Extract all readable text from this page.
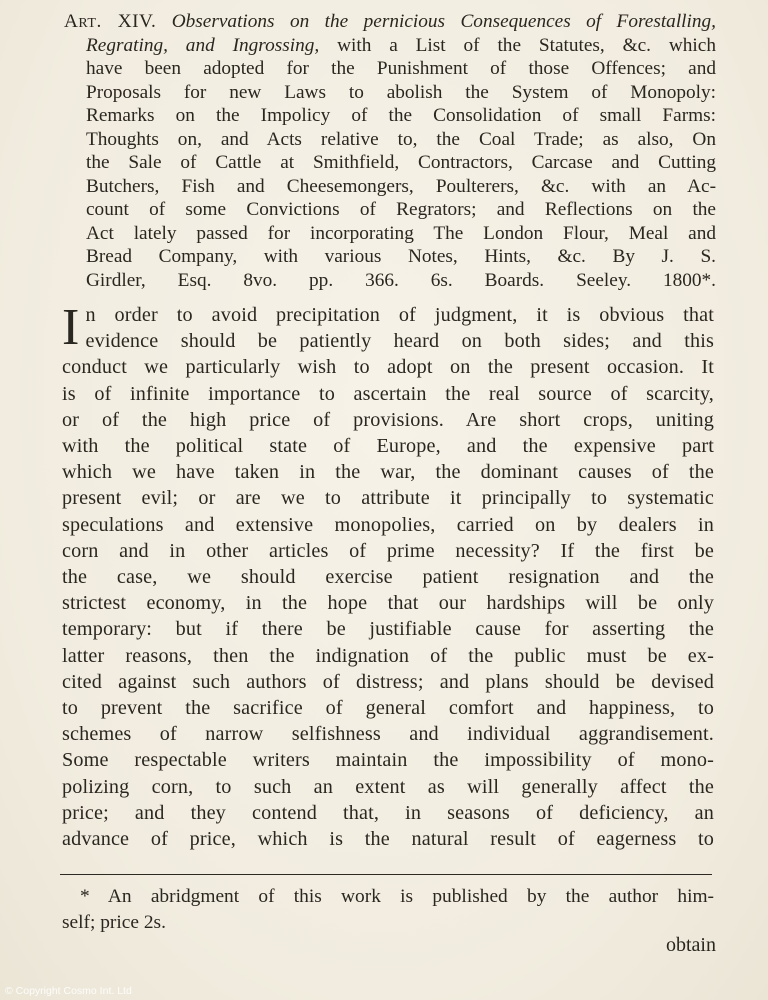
Art. XIV. Observations on the pernicious Consequences of Forestalling,
Regrating, and Ingrossing, with a List of the Statutes, &c. which
have been adopted for the Punishment of those Offences; and
Proposals for new Laws to abolish the System of Monopoly:
Remarks on the Impolicy of the Consolidation of small Farms:
Thoughts on, and Acts relative to, the Coal Trade; as also, On
the Sale of Cattle at Smithfield, Contractors, Carcase and Cutting
Butchers, Fish and Cheesemongers, Poulterers, &c. with an Ac-
count of some Convictions of Regrators; and Reflections on the
Act lately passed for incorporating The London Flour, Meal and
Bread Company, with various Notes, Hints, &c. By J. S.
Girdler, Esq. 8vo. pp. 366. 6s. Boards. Seeley. 1800*.
I n order to avoid precipitation of judgment, it is obvious that
evidence should be patiently heard on both sides; and this
conduct we particularly wish to adopt on the present occasion. It
is of infinite importance to ascertain the real source of scarcity,
or of the high price of provisions. Are short crops, uniting
with the political state of Europe, and the expensive part
which we have taken in the war, the dominant causes of the
present evil; or are we to attribute it principally to systematic
speculations and extensive monopolies, carried on by dealers in
corn and in other articles of prime necessity? If the first be
the case, we should exercise patient resignation and the
strictest economy, in the hope that our hardships will be only
temporary: but if there be justifiable cause for asserting the
latter reasons, then the indignation of the public must be ex-
cited against such authors of distress; and plans should be devised
to prevent the sacrifice of general comfort and happiness, to
schemes of narrow selfishness and individual aggrandisement.
Some respectable writers maintain the impossibility of mono-
polizing corn, to such an extent as will generally affect the
price; and they contend that, in seasons of deficiency, an
advance of price, which is the natural result of eagerness to
* An abridgment of this work is published by the author him-
self; price 2s.
obtain
© Copyright Cosmo Int. Ltd
